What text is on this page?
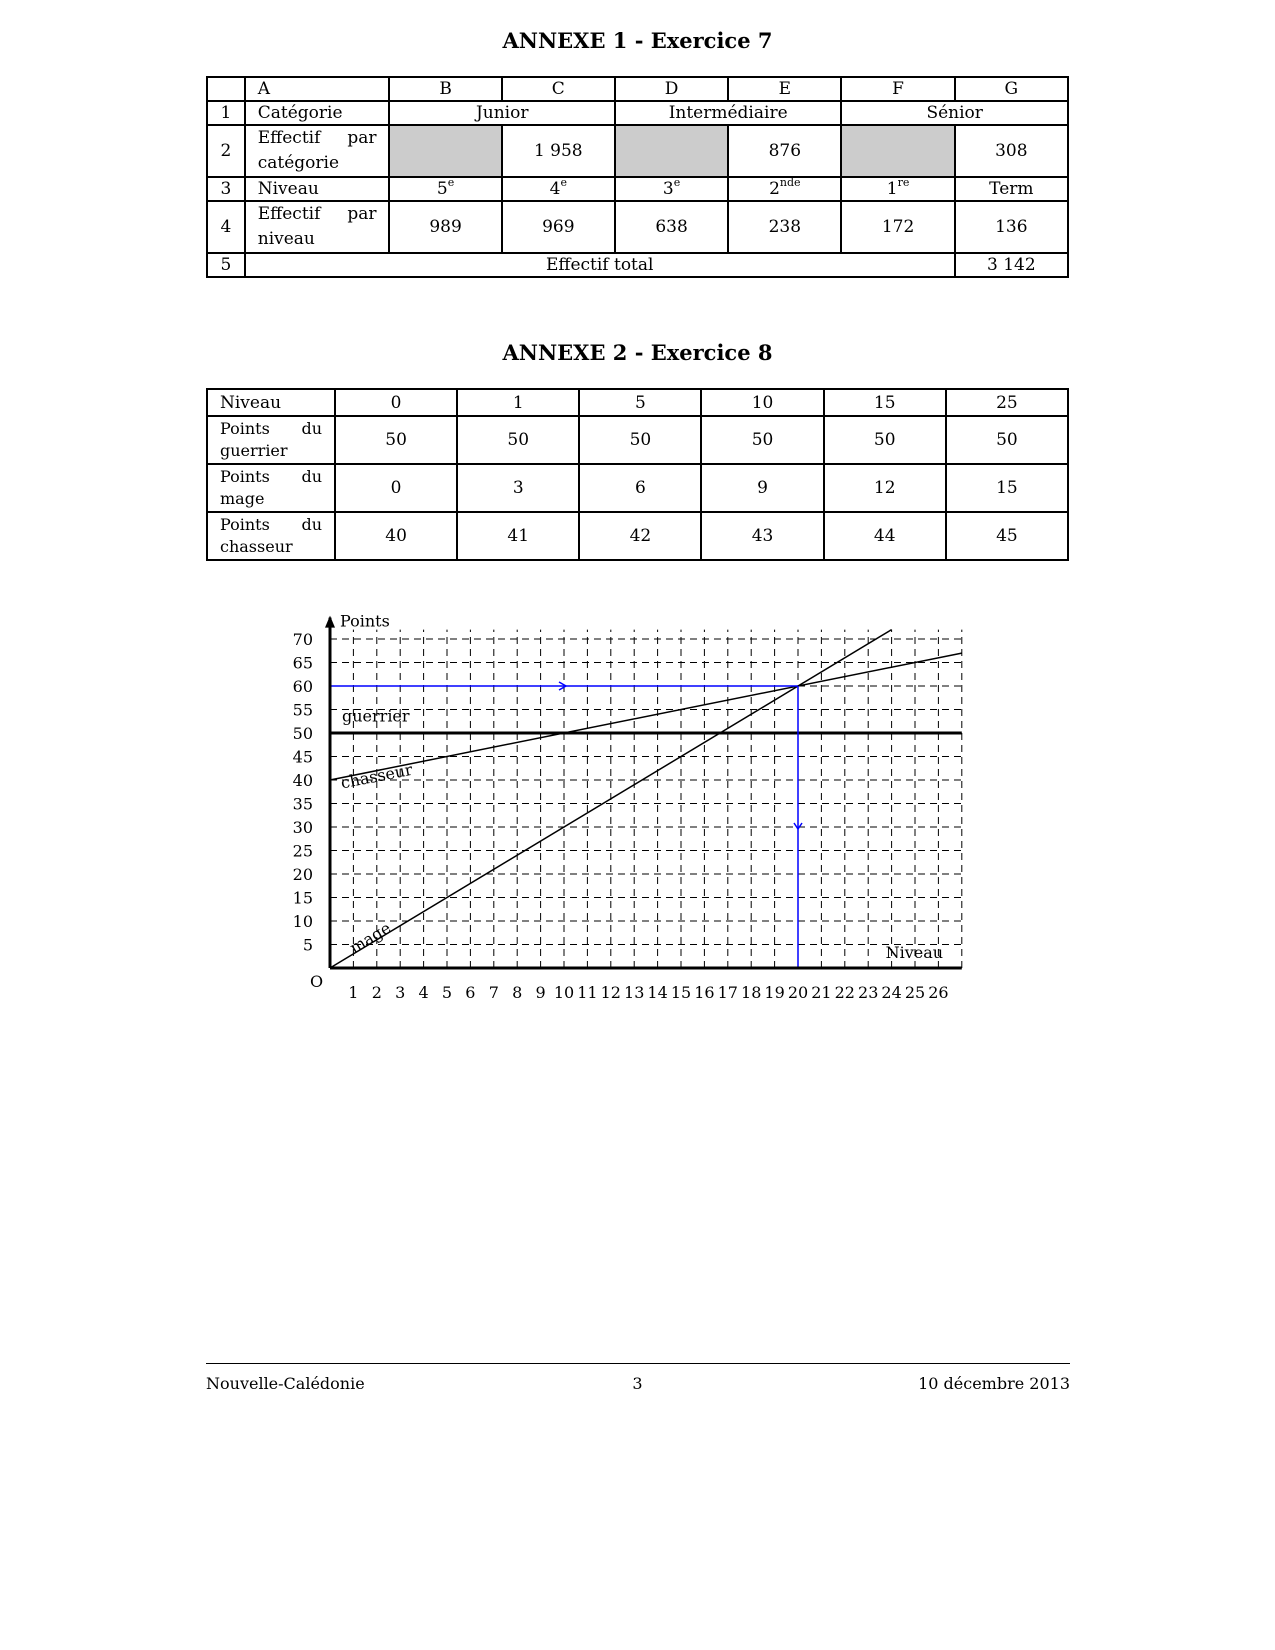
ANNEXE 1 - Exercice 7
	A	B	C	D	E	F	G
1	Catégorie	Junior		Intermédiaire		Sénior	
2	Effectif par catégorie		1 958		876		308
3	Niveau	5e	4e	3e	2nde	1re	Term
4	Effectif par niveau	989	969	638	238	172	136
5	Effectif total						3 142
ANNEXE 2 - Exercice 8
Niveau	0	1	5	10	15	25
Points du guerrier	50	50	50	50	50	50
Points du mage	0	3	6	9	12	15
Points du chasseur	40	41	42	43	44	45
1 2 3 4 5 6 7 8 9 10 11 12 13 14 15 16 17 18 19 20 21 22 23 24 25 26
5
10
15
20
25
30
35
40
45
50
55
60
65
70
O
Points
Niveau
guerrier
chasseur
mage
Nouvelle-Calédonie	3	10 décembre 2013
